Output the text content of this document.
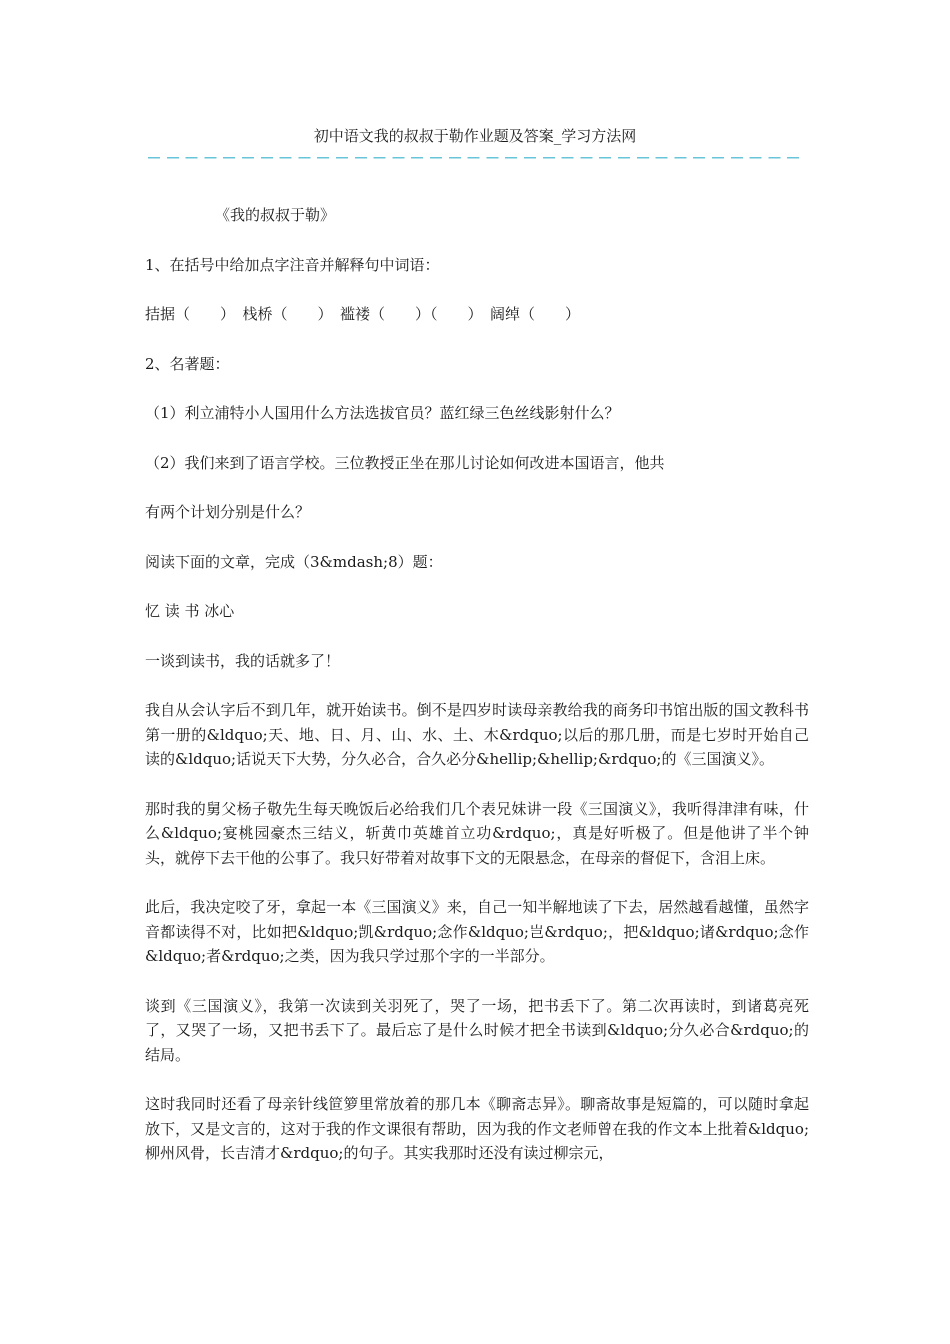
初中语文我的叔叔于勒作业题及答案_学习方法网

《我的叔叔于勒》

1、在括号中给加点字注音并解释句中词语：

拮据（　　）　栈桥（　　）　褴褛（　　）（　　）　阔绰（　　）

2、名著题：

（1）利立浦特小人国用什么方法选拔官员？蓝红绿三色丝线影射什么？

（2）我们来到了语言学校。三位教授正坐在那儿讨论如何改进本国语言，他共

有两个计划分别是什么？

阅读下面的文章，完成（3&mdash;8）题：

忆 读 书 冰心

一谈到读书，我的话就多了！

我自从会认字后不到几年，就开始读书。倒不是四岁时读母亲教给我的商务印书馆出版的国文教科书第一册的&ldquo;天、地、日、月、山、水、土、木&rdquo;以后的那几册，而是七岁时开始自己读的&ldquo;话说天下大势，分久必合，合久必分&hellip;&hellip;&rdquo;的《三国演义》。

那时我的舅父杨子敬先生每天晚饭后必给我们几个表兄妹讲一段《三国演义》，我听得津津有味，什么&ldquo;宴桃园豪杰三结义，斩黄巾英雄首立功&rdquo;，真是好听极了。但是他讲了半个钟头，就停下去干他的公事了。我只好带着对故事下文的无限悬念，在母亲的督促下，含泪上床。

此后，我决定咬了牙，拿起一本《三国演义》来，自己一知半解地读了下去，居然越看越懂，虽然字音都读得不对，比如把&ldquo;凯&rdquo;念作&ldquo;岂&rdquo;，把&ldquo;诸&rdquo;念作&ldquo;者&rdquo;之类，因为我只学过那个字的一半部分。

谈到《三国演义》，我第一次读到关羽死了，哭了一场，把书丢下了。第二次再读时，到诸葛亮死了，又哭了一场，又把书丢下了。最后忘了是什么时候才把全书读到&ldquo;分久必合&rdquo;的结局。

这时我同时还看了母亲针线笸箩里常放着的那几本《聊斋志异》。聊斋故事是短篇的，可以随时拿起放下，又是文言的，这对于我的作文课很有帮助，因为我的作文老师曾在我的作文本上批着&ldquo;柳州风骨，长吉清才&rdquo;的句子。其实我那时还没有读过柳宗元，
